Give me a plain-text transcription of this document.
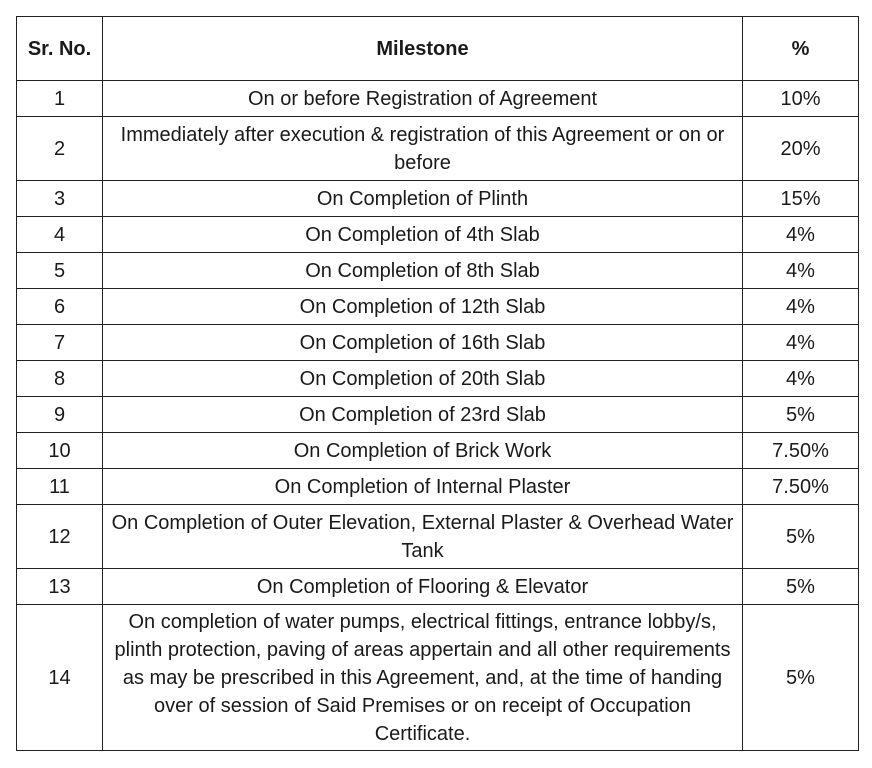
Sr. No.	Milestone	%
1	On or before Registration of Agreement	10%
2	Immediately after execution & registration of this Agreement or on or before	20%
3	On Completion of Plinth	15%
4	On Completion of 4th Slab	4%
5	On Completion of 8th Slab	4%
6	On Completion of 12th Slab	4%
7	On Completion of 16th Slab	4%
8	On Completion of 20th Slab	4%
9	On Completion of 23rd Slab	5%
10	On Completion of Brick Work	7.50%
11	On Completion of Internal Plaster	7.50%
12	On Completion of Outer Elevation, External Plaster & Overhead Water Tank	5%
13	On Completion of Flooring & Elevator	5%
14	On completion of water pumps, electrical fittings, entrance lobby/s, plinth protection, paving of areas appertain and all other requirements as may be prescribed in this Agreement, and, at the time of handing over of session of Said Premises or on receipt of Occupation Certificate.	5%
